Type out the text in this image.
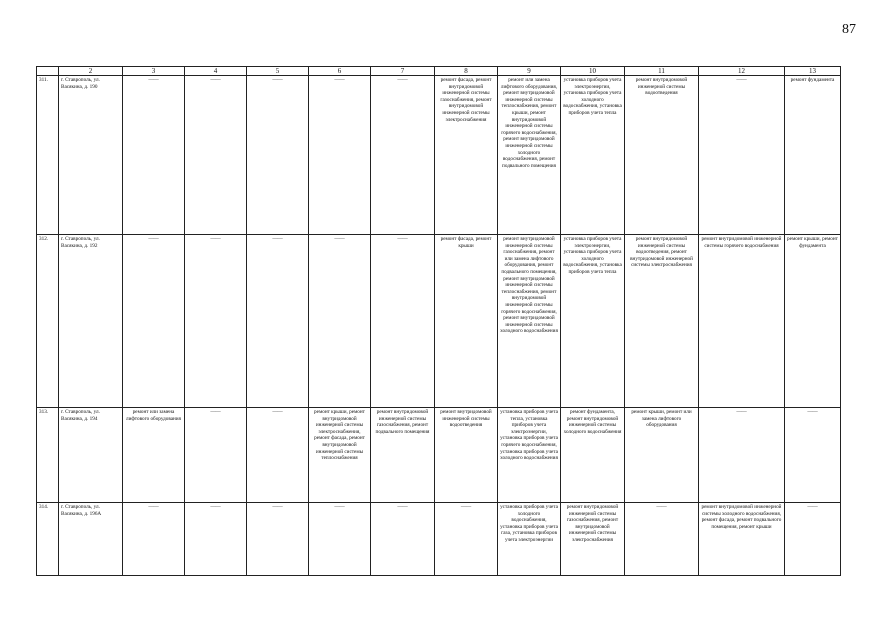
87
	2	3	4	5	6	7	8	9	10	11	12	13
311.	г. Ставрополь, ул. Васякина, д. 190	——	——	——	——	——	ремонт фасада, ремонт внутридомовой инженерной системы газоснабжения, ремонт внутридомовой инженерной системы электроснабжения	ремонт или замена лифтового оборудования, ремонт внутридомовой инженерной системы теплоснабжения, ремонт крыши, ремонт внутридомовой инженерной системы горячего водоснабжения, ремонт внутридомовой инженерной системы холодного водоснабжения, ремонт подвального помещения	установка приборов учета электроэнергии, установка приборов учета холодного водоснабжения, установка приборов учета тепла	ремонт внутридомовой инженерной системы водоотведения	——	ремонт фундамента
312.	г. Ставрополь, ул. Васякина, д. 192	——	——	——	——	——	ремонт фасада, ремонт крыши	ремонт внутридомовой инженерной системы газоснабжения, ремонт или замена лифтового оборудования, ремонт подвального помещения, ремонт внутридомовой инженерной системы теплоснабжения, ремонт внутридомовой инженерной системы горячего водоснабжения, ремонт внутридомовой инженерной системы холодного водоснабжения	установка приборов учета электроэнергии, установка приборов учета холодного водоснабжения, установка приборов учета тепла	ремонт внутридомовой инженерной системы водоотведения, ремонт внутридомовой инженерной системы электроснабжения	ремонт внутридомовой инженерной системы горячего водоснабжения	ремонт крыши, ремонт фундамента
313.	г. Ставрополь, ул. Васякина, д. 194	ремонт или замена лифтового оборудования	——	——	ремонт крыши, ремонт внутридомовой инженерной системы электроснабжения, ремонт фасада, ремонт внутридомовой инженерной системы теплоснабжения	ремонт внутридомовой инженерной системы газоснабжения, ремонт подвального помещения	ремонт внутридомовой инженерной системы водоотведения	установка приборов учета тепла, установка приборов учета электроэнергии, установка приборов учета горячего водоснабжения, установка приборов учета холодного водоснабжения	ремонт фундамента, ремонт внутридомовой инженерной системы холодного водоснабжения	ремонт крыши, ремонт или замена лифтового оборудования	——	——
314.	г. Ставрополь, ул. Васякина, д. 196А	——	——	——	——	——	——	установка приборов учета холодного водоснабжения, установка приборов учета газа, установка приборов учета электроэнергии	ремонт внутридомовой инженерной системы газоснабжения, ремонт внутридомовой инженерной системы электроснабжения	——	ремонт внутридомовой инженерной системы холодного водоснабжения, ремонт фасада, ремонт подвального помещения, ремонт крыши	——
